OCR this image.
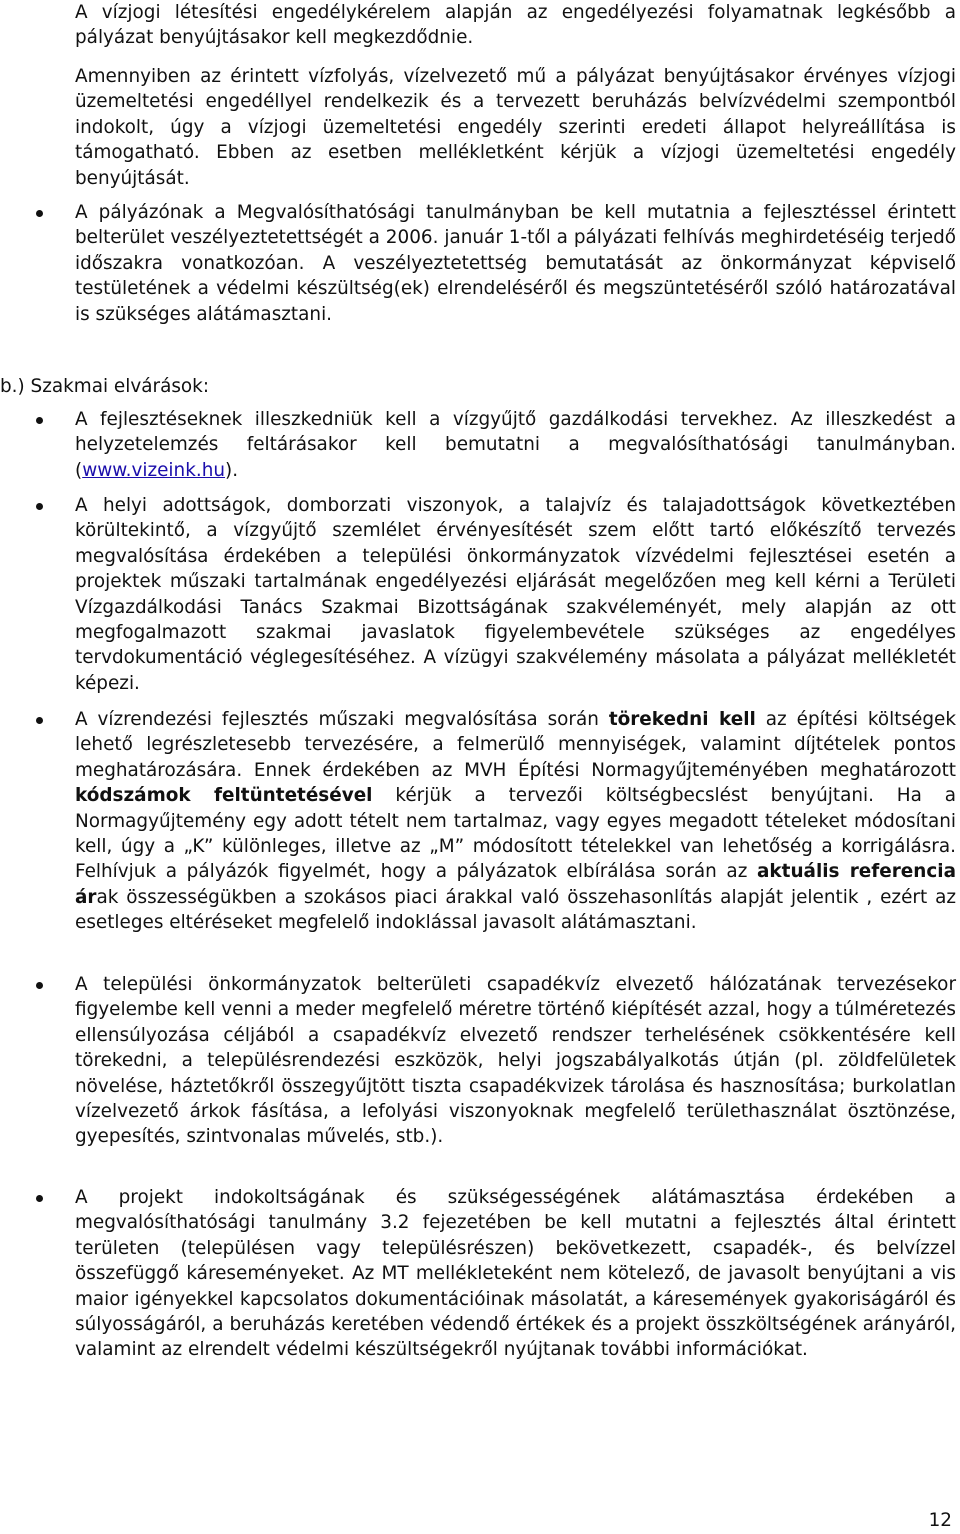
A vízjogi létesítési engedélykérelem alapján az engedélyezési folyamatnak legkésőbb a pályázat benyújtásakor kell megkezdődnie.

Amennyiben az érintett vízfolyás, vízelvezető mű a pályázat benyújtásakor érvényes vízjogi üzemeltetési engedéllyel rendelkezik és a tervezett beruházás belvízvédelmi szempontból indokolt, úgy a vízjogi üzemeltetési engedély szerinti eredeti állapot helyreállítása is támogatható. Ebben az esetben mellékletként kérjük a vízjogi üzemeltetési engedély benyújtását.

A pályázónak a Megvalósíthatósági tanulmányban be kell mutatnia a fejlesztéssel érintett belterület veszélyeztetettségét a 2006. január 1-től a pályázati felhívás meghirdetéséig terjedő időszakra vonatkozóan. A veszélyeztetettség bemutatását az önkormányzat képviselő testületének a védelmi készültség(ek) elrendeléséről és megszüntetéséről szóló határozatával is szükséges alátámasztani.

b.) Szakmai elvárások:

A fejlesztéseknek illeszkedniük kell a vízgyűjtő gazdálkodási tervekhez. Az illeszkedést a helyzetelemzés feltárásakor kell bemutatni a megvalósíthatósági tanulmányban. (www.vizeink.hu).

A helyi adottságok, domborzati viszonyok, a talajvíz és talajadottságok következtében körültekintő, a vízgyűjtő szemlélet érvényesítését szem előtt tartó előkészítő tervezés megvalósítása érdekében a települési önkormányzatok vízvédelmi fejlesztései esetén a projektek műszaki tartalmának engedélyezési eljárását megelőzően meg kell kérni a Területi Vízgazdálkodási Tanács Szakmai Bizottságának szakvéleményét, mely alapján az ott megfogalmazott szakmai javaslatok figyelembevétele szükséges az engedélyes tervdokumentáció véglegesítéséhez. A vízügyi szakvélemény másolata a pályázat mellékletét képezi.

A vízrendezési fejlesztés műszaki megvalósítása során törekedni kell az építési költségek lehető legrészletesebb tervezésére, a felmerülő mennyiségek, valamint díjtételek pontos meghatározására. Ennek érdekében az MVH Építési Normagyűjteményében meghatározott kódszámok feltüntetésével kérjük a tervezői költségbecslést benyújtani. Ha a Normagyűjtemény egy adott tételt nem tartalmaz, vagy egyes megadott tételeket módosítani kell, úgy a „K” különleges, illetve az „M” módosított tételekkel van lehetőség a korrigálásra. Felhívjuk a pályázók figyelmét, hogy a pályázatok elbírálása során az aktuális referencia árak összességükben a szokásos piaci árakkal való összehasonlítás alapját jelentik , ezért az esetleges eltéréseket megfelelő indoklással javasolt alátámasztani.

A települési önkormányzatok belterületi csapadékvíz elvezető hálózatának tervezésekor figyelembe kell venni a meder megfelelő méretre történő kiépítését azzal, hogy a túlméretezés ellensúlyozása céljából a csapadékvíz elvezető rendszer terhelésének csökkentésére kell törekedni, a településrendezési eszközök, helyi jogszabályalkotás útján (pl. zöldfelületek növelése, háztetőkről összegyűjtött tiszta csapadékvizek tárolása és hasznosítása; burkolatlan vízelvezető árkok fásítása, a lefolyási viszonyoknak megfelelő területhasználat ösztönzése, gyepesítés, szintvonalas művelés, stb.).

A projekt indokoltságának és szükségességének alátámasztása érdekében a megvalósíthatósági tanulmány 3.2 fejezetében be kell mutatni a fejlesztés által érintett területen (településen vagy településrészen) bekövetkezett, csapadék-, és belvízzel összefüggő káreseményeket. Az MT mellékleteként nem kötelező, de javasolt benyújtani a vis maior igényekkel kapcsolatos dokumentációinak másolatát, a káresemények gyakoriságáról és súlyosságáról, a beruházás keretében védendő értékek és a projekt összköltségének arányáról, valamint az elrendelt védelmi készültségekről nyújtanak további információkat.

12
